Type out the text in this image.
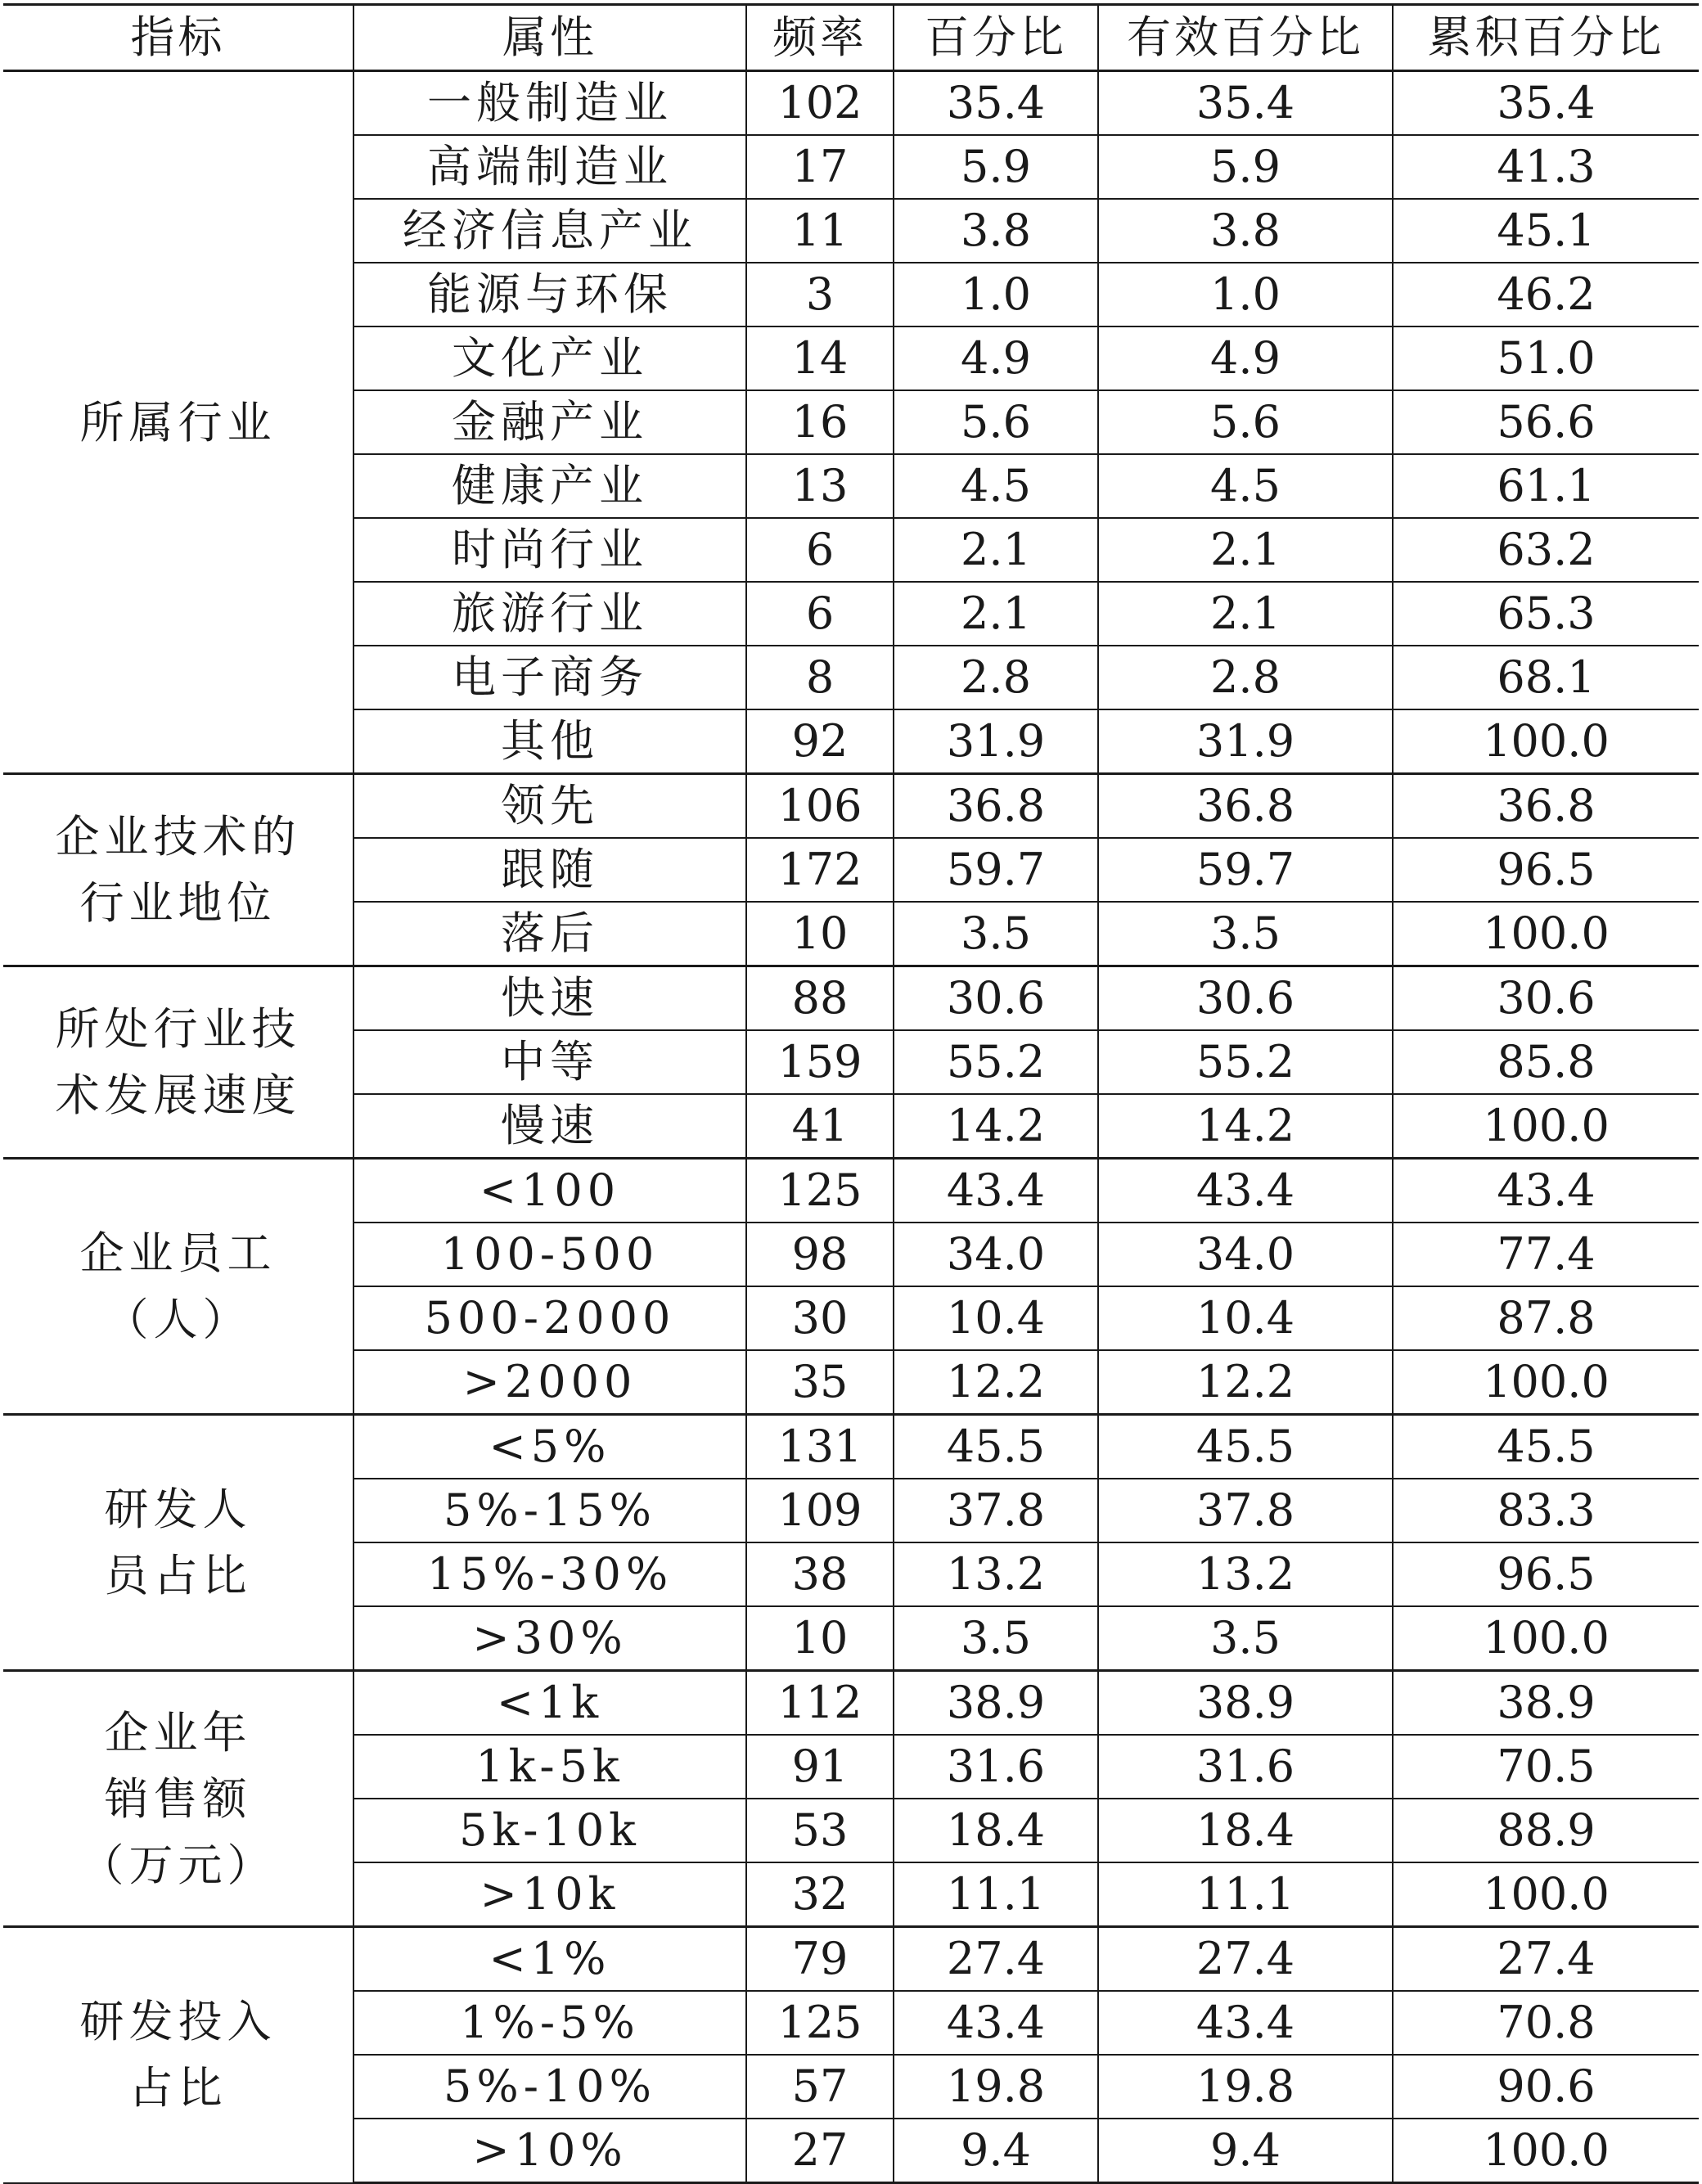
指标	属性	频率	百分比	有效百分比	累积百分比

所属行业	一般制造业	102	35.4	35.4	35.4
	高端制造业	17	5.9	5.9	41.3
	经济信息产业	11	3.8	3.8	45.1
	能源与环保	3	1.0	1.0	46.2
	文化产业	14	4.9	4.9	51.0
	金融产业	16	5.6	5.6	56.6
	健康产业	13	4.5	4.5	61.1
	时尚行业	6	2.1	2.1	63.2
	旅游行业	6	2.1	2.1	65.3
	电子商务	8	2.8	2.8	68.1
	其他	92	31.9	31.9	100.0

企业技术的
行业地位	领先	106	36.8	36.8	36.8
	跟随	172	59.7	59.7	96.5
	落后	10	3.5	3.5	100.0

所处行业技
术发展速度	快速	88	30.6	30.6	30.6
	中等	159	55.2	55.2	85.8
	慢速	41	14.2	14.2	100.0

企业员工
（人）	<100	125	43.4	43.4	43.4
	100-500	98	34.0	34.0	77.4
	500-2000	30	10.4	10.4	87.8
	>2000	35	12.2	12.2	100.0

研发人
员占比	<5%	131	45.5	45.5	45.5
	5%-15%	109	37.8	37.8	83.3
	15%-30%	38	13.2	13.2	96.5
	>30%	10	3.5	3.5	100.0

企业年
销售额
（万元）	<1k	112	38.9	38.9	38.9
	1k-5k	91	31.6	31.6	70.5
	5k-10k	53	18.4	18.4	88.9
	>10k	32	11.1	11.1	100.0

研发投入
占比	<1%	79	27.4	27.4	27.4
	1%-5%	125	43.4	43.4	70.8
	5%-10%	57	19.8	19.8	90.6
	>10%	27	9.4	9.4	100.0
